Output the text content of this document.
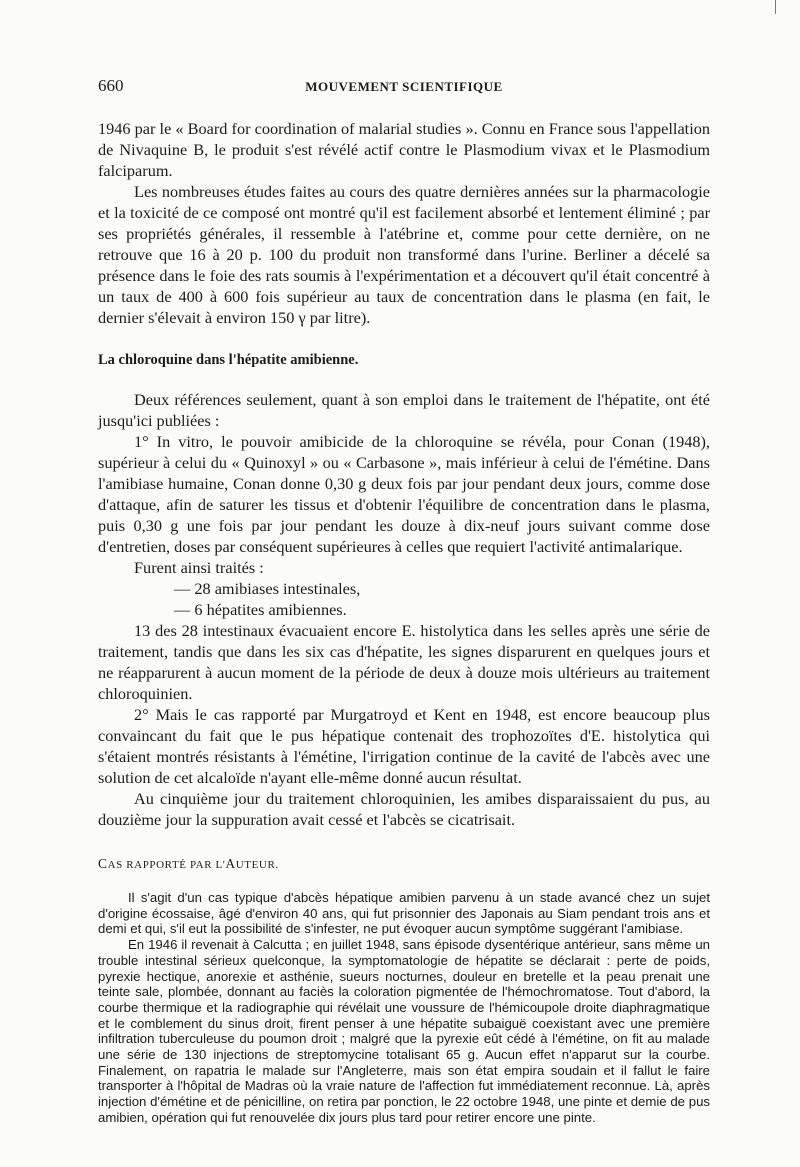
660	MOUVEMENT SCIENTIFIQUE

1946 par le « Board for coordination of malarial studies ». Connu en France sous l'appellation de Nivaquine B, le produit s'est révélé actif contre le Plasmodium vivax et le Plasmodium falciparum.

Les nombreuses études faites au cours des quatre dernières années sur la pharmacologie et la toxicité de ce composé ont montré qu'il est facilement absorbé et lentement éliminé ; par ses propriétés générales, il ressemble à l'atébrine et, comme pour cette dernière, on ne retrouve que 16 à 20 p. 100 du produit non transformé dans l'urine. Berliner a décelé sa présence dans le foie des rats soumis à l'expérimentation et a découvert qu'il était concentré à un taux de 400 à 600 fois supérieur au taux de concentration dans le plasma (en fait, le dernier s'élevait à environ 150 γ par litre).

La chloroquine dans l'hépatite amibienne.

Deux références seulement, quant à son emploi dans le traitement de l'hépatite, ont été jusqu'ici publiées :

1° In vitro, le pouvoir amibicide de la chloroquine se révéla, pour Conan (1948), supérieur à celui du « Quinoxyl » ou « Carbasone », mais inférieur à celui de l'émétine. Dans l'amibiase humaine, Conan donne 0,30 g deux fois par jour pendant deux jours, comme dose d'attaque, afin de saturer les tissus et d'obtenir l'équilibre de concentration dans le plasma, puis 0,30 g une fois par jour pendant les douze à dix-neuf jours suivant comme dose d'entretien, doses par conséquent supérieures à celles que requiert l'activité antimalarique.

Furent ainsi traités :

— 28 amibiases intestinales,

— 6 hépatites amibiennes.

13 des 28 intestinaux évacuaient encore E. histolytica dans les selles après une série de traitement, tandis que dans les six cas d'hépatite, les signes disparurent en quelques jours et ne réapparurent à aucun moment de la période de deux à douze mois ultérieurs au traitement chloroquinien.

2° Mais le cas rapporté par Murgatroyd et Kent en 1948, est encore beaucoup plus convaincant du fait que le pus hépatique contenait des trophozoïtes d'E. histolytica qui s'étaient montrés résistants à l'émétine, l'irrigation continue de la cavité de l'abcès avec une solution de cet alcaloïde n'ayant elle-même donné aucun résultat.

Au cinquième jour du traitement chloroquinien, les amibes disparaissaient du pus, au douzième jour la suppuration avait cessé et l'abcès se cicatrisait.

CAS RAPPORTÉ PAR L'AUTEUR.

Il s'agit d'un cas typique d'abcès hépatique amibien parvenu à un stade avancé chez un sujet d'origine écossaise, âgé d'environ 40 ans, qui fut prisonnier des Japonais au Siam pendant trois ans et demi et qui, s'il eut la possibilité de s'infester, ne put évoquer aucun symptôme suggérant l'amibiase.

En 1946 il revenait à Calcutta ; en juillet 1948, sans épisode dysentérique antérieur, sans même un trouble intestinal sérieux quelconque, la symptomatologie de hépatite se déclarait : perte de poids, pyrexie hectique, anorexie et asthénie, sueurs nocturnes, douleur en bretelle et la peau prenait une teinte sale, plombée, donnant au faciès la coloration pigmentée de l'hémochromatose. Tout d'abord, la courbe thermique et la radiographie qui révélait une voussure de l'hémicoupole droite diaphragmatique et le comblement du sinus droit, firent penser à une hépatite subaiguë coexistant avec une première infiltration tuberculeuse du poumon droit ; malgré que la pyrexie eût cédé à l'émétine, on fit au malade une série de 130 injections de streptomycine totalisant 65 g. Aucun effet n'apparut sur la courbe. Finalement, on rapatria le malade sur l'Angleterre, mais son état empira soudain et il fallut le faire transporter à l'hôpital de Madras où la vraie nature de l'affection fut immédiatement reconnue. Là, après injection d'émétine et de pénicilline, on retira par ponction, le 22 octobre 1948, une pinte et demie de pus amibien, opération qui fut renouvelée dix jours plus tard pour retirer encore une pinte.
